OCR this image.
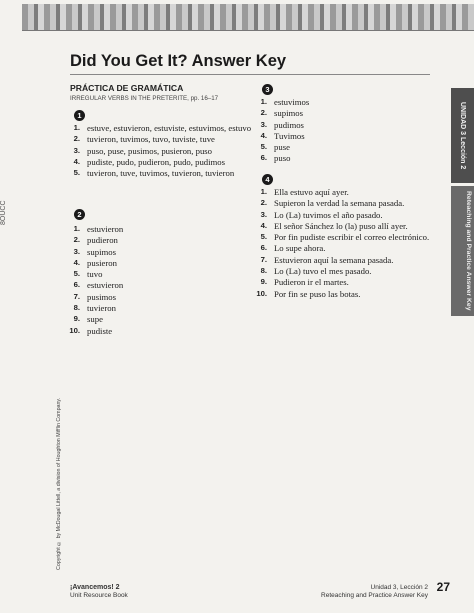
8OUCC
Did You Get It? Answer Key
PRÁCTICA DE GRAMÁTICA
IRREGULAR VERBS IN THE PRETERITE, pp. 16–17
1
1. estuve, estuvieron, estuviste, estuvimos, estuvo
2. tuvieron, tuvimos, tuvo, tuviste, tuve
3. puso, puse, pusimos, pusieron, puso
4. pudiste, pudo, pudieron, pudo, pudimos
5. tuvieron, tuve, tuvimos, tuvieron, tuvieron
2
1. estuvieron
2. pudieron
3. supimos
4. pusieron
5. tuvo
6. estuvieron
7. pusimos
8. tuvieron
9. supe
10. pudiste
3
1. estuvimos
2. supimos
3. pudimos
4. Tuvimos
5. puse
6. puso
4
1. Ella estuvo aquí ayer.
2. Supieron la verdad la semana pasada.
3. Lo (La) tuvimos el año pasado.
4. El señor Sánchez lo (la) puso allí ayer.
5. Por fin pudiste escribir el correo electrónico.
6. Lo supe ahora.
7. Estuvieron aquí la semana pasada.
8. Lo (La) tuvo el mes pasado.
9. Pudieron ir el martes.
10. Por fin se puso las botas.
UNIDAD 3 Lección 2
Reteaching and Practice Answer Key
Copyright © by McDougal Littell, a division of Houghton Mifflin Company.
¡Avancemos! 2
Unit Resource Book
Unidad 3, Lección 2
Reteaching and Practice Answer Key
27
